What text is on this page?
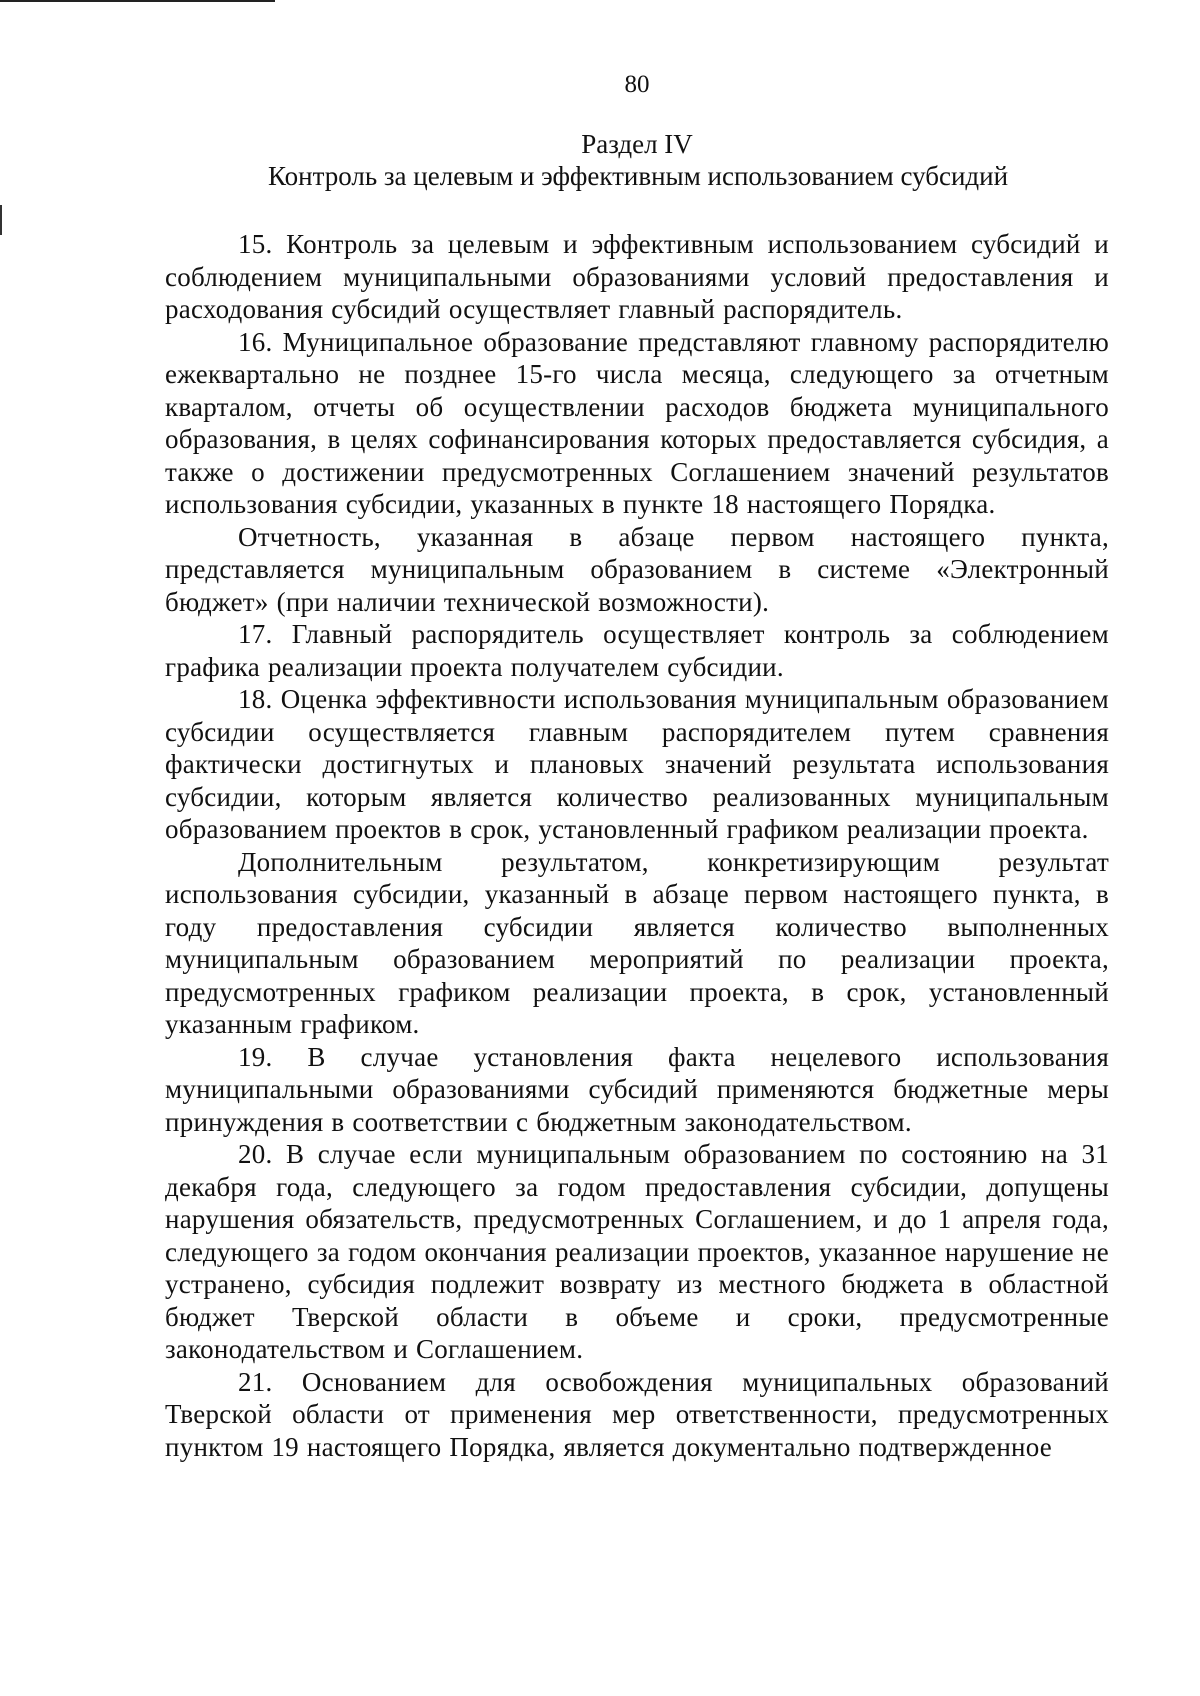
80
Раздел IV
Контроль за целевым и эффективным использованием субсидий

15. Контроль за целевым и эффективным использованием субсидий и соблюдением муниципальными образованиями условий предоставления и расходования субсидий осуществляет главный распорядитель.

16. Муниципальное образование представляют главному распорядителю ежеквартально не позднее 15-го числа месяца, следующего за отчетным кварталом, отчеты об осуществлении расходов бюджета муниципального образования, в целях софинансирования которых предоставляется субсидия, а также о достижении предусмотренных Соглашением значений результатов использования субсидии, указанных в пункте 18 настоящего Порядка.

Отчетность, указанная в абзаце первом настоящего пункта, представляется муниципальным образованием в системе «Электронный бюджет» (при наличии технической возможности).

17. Главный распорядитель осуществляет контроль за соблюдением графика реализации проекта получателем субсидии.

18. Оценка эффективности использования муниципальным образованием субсидии осуществляется главным распорядителем путем сравнения фактически достигнутых и плановых значений результата использования субсидии, которым является количество реализованных муниципальным образованием проектов в срок, установленный графиком реализации проекта.

Дополнительным результатом, конкретизирующим результат использования субсидии, указанный в абзаце первом настоящего пункта, в году предоставления субсидии является количество выполненных муниципальным образованием мероприятий по реализации проекта, предусмотренных графиком реализации проекта, в срок, установленный указанным графиком.

19. В случае установления факта нецелевого использования муниципальными образованиями субсидий применяются бюджетные меры принуждения в соответствии с бюджетным законодательством.

20. В случае если муниципальным образованием по состоянию на 31 декабря года, следующего за годом предоставления субсидии, допущены нарушения обязательств, предусмотренных Соглашением, и до 1 апреля года, следующего за годом окончания реализации проектов, указанное нарушение не устранено, субсидия подлежит возврату из местного бюджета в областной бюджет Тверской области в объеме и сроки, предусмотренные законодательством и Соглашением.

21. Основанием для освобождения муниципальных образований Тверской области от применения мер ответственности, предусмотренных пунктом 19 настоящего Порядка, является документально подтвержденное
